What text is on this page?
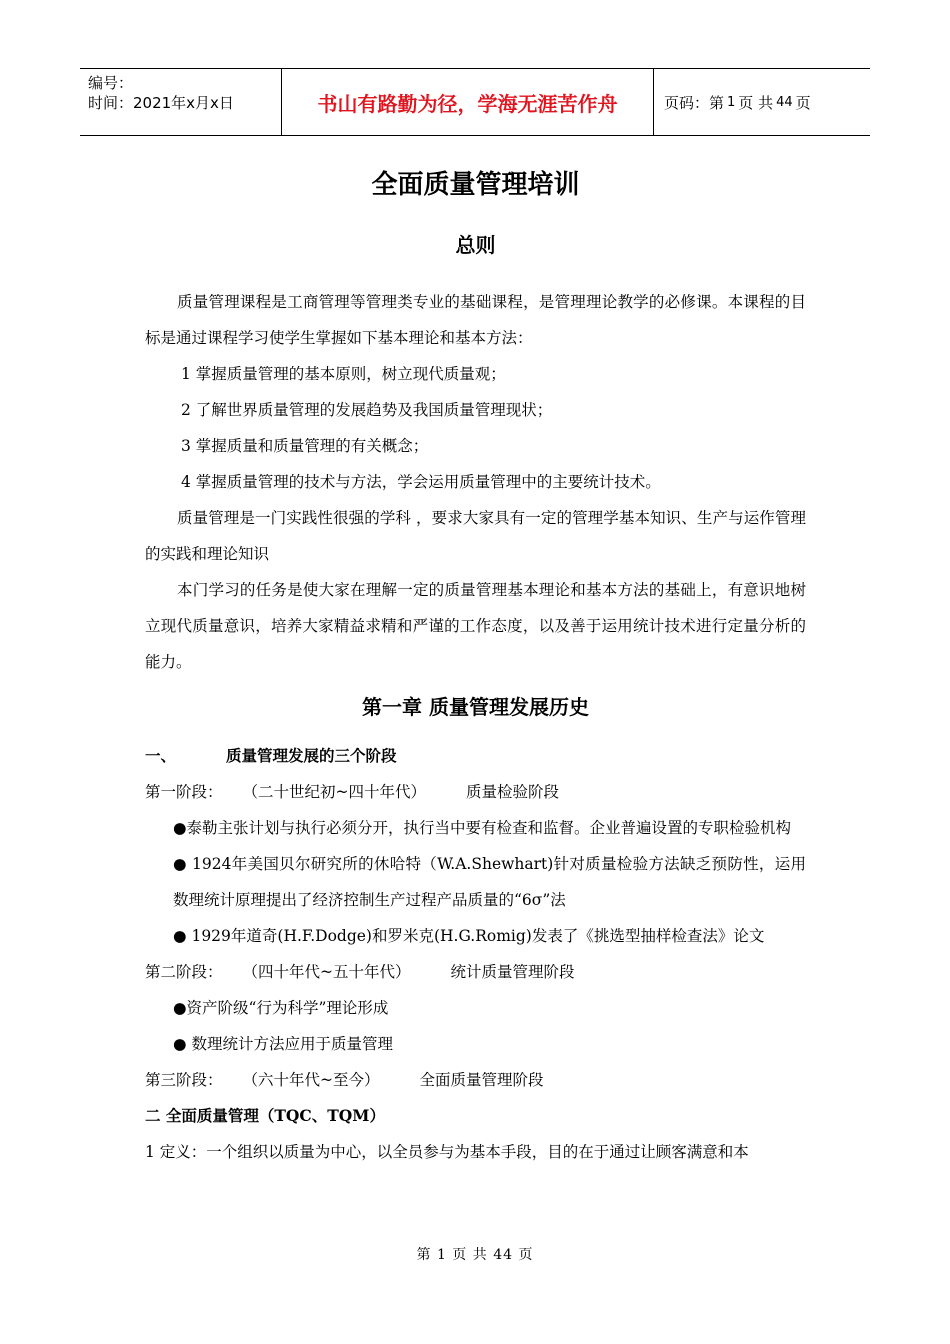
编号：
时间：2021年x月x日	书山有路勤为径，学海无涯苦作舟	页码：第 1 页 共 44 页
全面质量管理培训
总则

质量管理课程是工商管理等管理类专业的基础课程，是管理理论教学的必修课。本课程的目标是通过课程学习使学生掌握如下基本理论和基本方法：

1 掌握质量管理的基本原则，树立现代质量观；

2 了解世界质量管理的发展趋势及我国质量管理现状；

3 掌握质量和质量管理的有关概念；

4 掌握质量管理的技术与方法，学会运用质量管理中的主要统计技术。

质量管理是一门实践性很强的学科 ，要求大家具有一定的管理学基本知识、生产与运作管理的实践和理论知识

本门学习的任务是使大家在理解一定的质量管理基本理论和基本方法的基础上，有意识地树立现代质量意识，培养大家精益求精和严谨的工作态度，以及善于运用统计技术进行定量分析的能力。

第一章 质量管理发展历史

一、	质量管理发展的三个阶段

第一阶段： （二十世纪初~四十年代）	质量检验阶段

●泰勒主张计划与执行必须分开，执行当中要有检查和监督。企业普遍设置的专职检验机构

● 1924年美国贝尔研究所的休哈特（W.A.Shewhart)针对质量检验方法缺乏预防性，运用数理统计原理提出了经济控制生产过程产品质量的“6σ”法

● 1929年道奇(H.F.Dodge)和罗米克(H.G.Romig)发表了《挑选型抽样检查法》论文

第二阶段： （四十年代~五十年代）	统计质量管理阶段

●资产阶级“行为科学”理论形成

● 数理统计方法应用于质量管理

第三阶段： （六十年代~至今）	全面质量管理阶段

二 全面质量管理（TQC、TQM）

1 定义：一个组织以质量为中心，以全员参与为基本手段，目的在于通过让顾客满意和本

第 1 页 共 44 页
